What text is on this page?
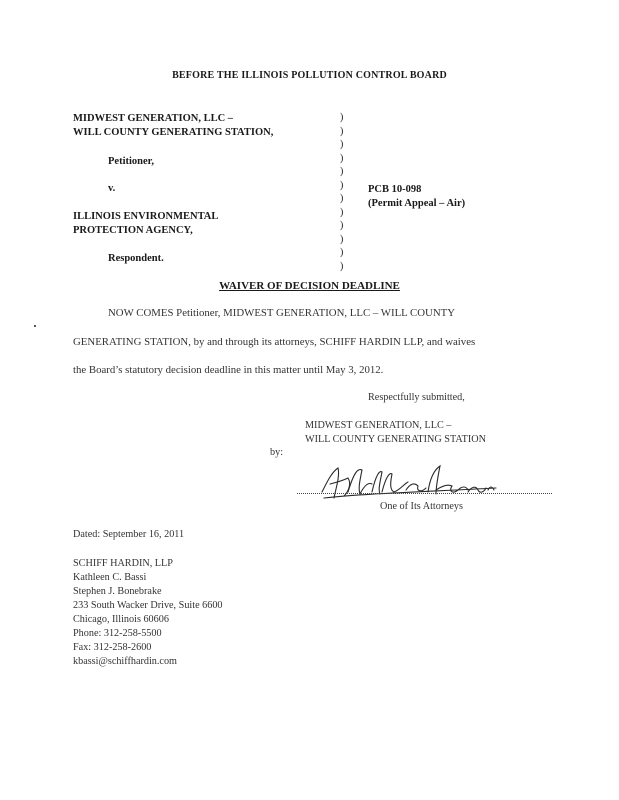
BEFORE THE ILLINOIS POLLUTION CONTROL BOARD
MIDWEST GENERATION, LLC –
WILL COUNTY GENERATING STATION,
Petitioner,
v.
ILLINOIS ENVIRONMENTAL
PROTECTION AGENCY,
Respondent.
)
)
)
)
)
)
)
)
)
)
)
)
PCB 10-098
(Permit Appeal – Air)
WAIVER OF DECISION DEADLINE
NOW COMES Petitioner, MIDWEST GENERATION, LLC – WILL COUNTY
GENERATING STATION, by and through its attorneys, SCHIFF HARDIN LLP, and waives
the Board’s statutory decision deadline in this matter until May 3, 2012.
Respectfully submitted,
MIDWEST GENERATION, LLC –
WILL COUNTY GENERATING STATION
by:
One of Its Attorneys
Dated: September 16, 2011
SCHIFF HARDIN, LLP
Kathleen C. Bassi
Stephen J. Bonebrake
233 South Wacker Drive, Suite 6600
Chicago, Illinois 60606
Phone: 312-258-5500
Fax: 312-258-2600
kbassi@schiffhardin.com
